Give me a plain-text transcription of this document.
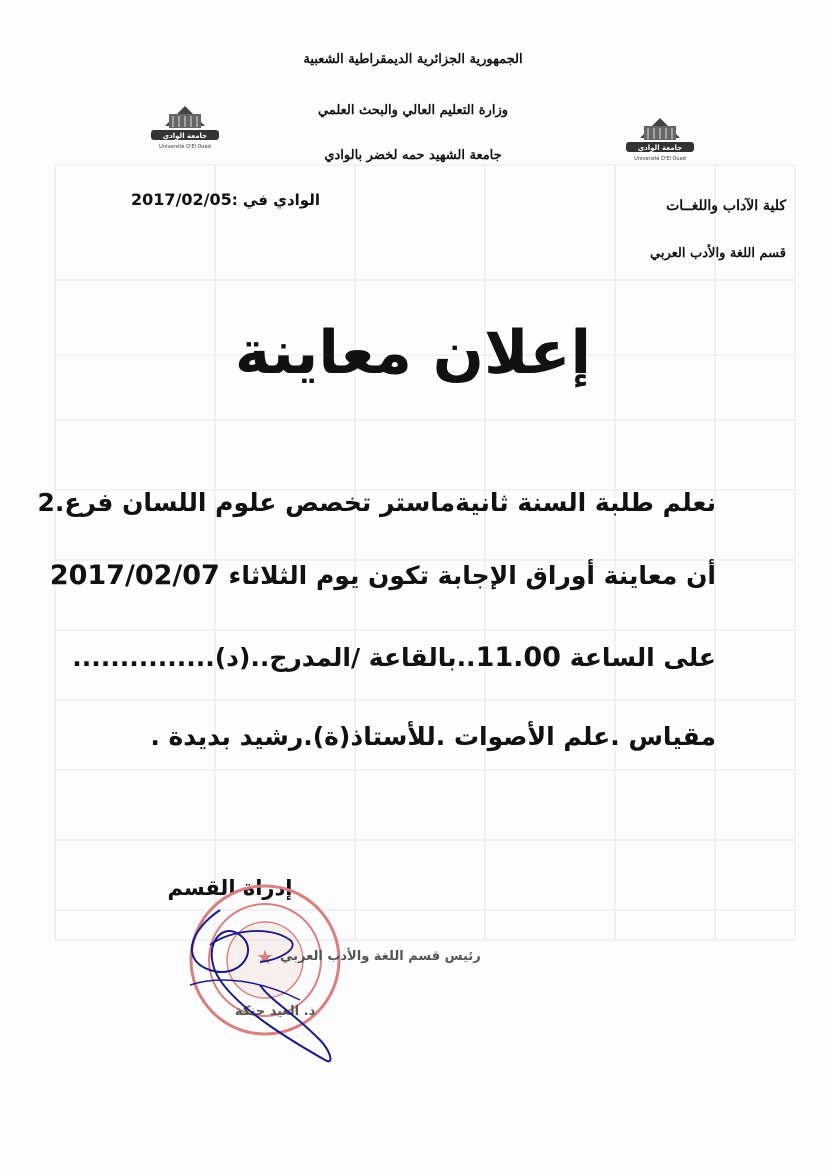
الجمهورية الجزائرية الديمقراطية الشعبية
وزارة التعليم العالي والبحث العلمي
جامعة الشهيد حمه لخضر بالوادي
جامعة الوادي
Université D'El Oued	جامعة الوادي
Université D'El Oued
الوادي في :2017/02/05	كلية الآداب واللغــات
قسم اللغة والأدب العربي
إعلان معاينة
نعلم طلبة السنة ثانيةماستر تخصص علوم اللسان فرع.2
أن معاينة أوراق الإجابة تكون يوم الثلاثاء 2017/02/07
على الساعة 11.00..بالقاعة /المدرج..(د)...............
مقياس .علم الأصوات .للأستاذ(ة).رشيد بديدة .
إدراة القسم
★ رئيس قسم اللغة والأدب العربي
د. العيد حنكة
